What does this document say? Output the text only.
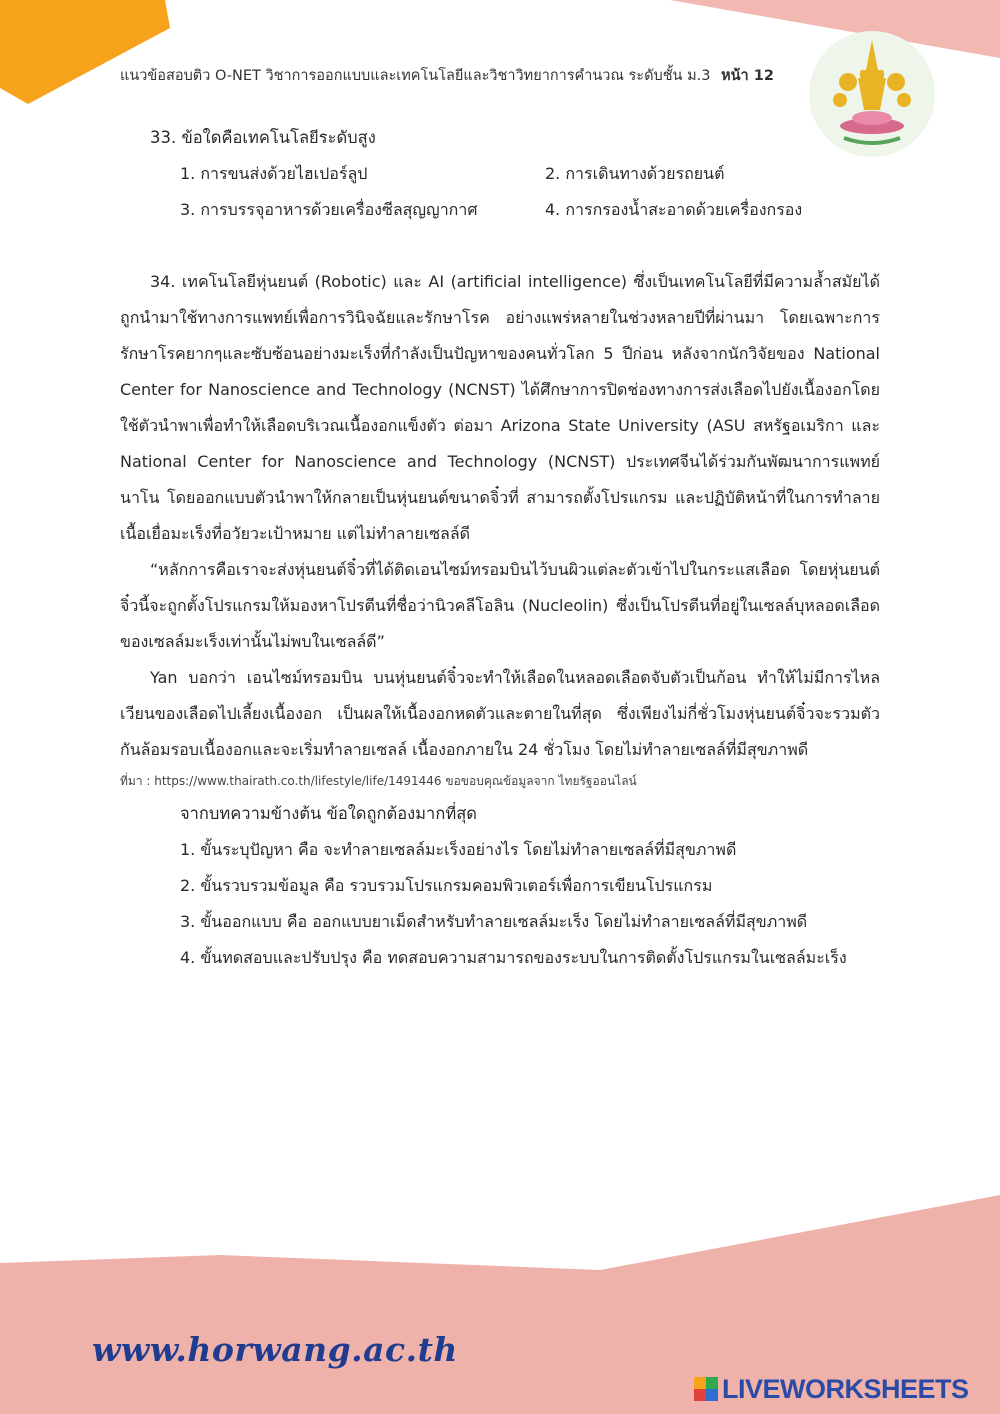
แนวข้อสอบติว O-NET วิชาการออกแบบและเทคโนโลยีและวิชาวิทยาการคำนวณ ระดับชั้น ม.3 หน้า 12

33. ข้อใดคือเทคโนโลยีระดับสูง

1. การขนส่งด้วยไฮเปอร์ลูป	2. การเดินทางด้วยรถยนต์
3. การบรรจุอาหารด้วยเครื่องซีลสุญญากาศ	4. การกรองน้ำสะอาดด้วยเครื่องกรอง

34. เทคโนโลยีหุ่นยนต์ (Robotic) และ AI (artificial intelligence) ซึ่งเป็นเทคโนโลยีที่มีความล้ำสมัยได้ถูกนำมาใช้ทางการแพทย์เพื่อการวินิจฉัยและรักษาโรค อย่างแพร่หลายในช่วงหลายปีที่ผ่านมา โดยเฉพาะการรักษาโรคยากๆและซับซ้อนอย่างมะเร็งที่กำลังเป็นปัญหาของคนทั่วโลก 5 ปีก่อน หลังจากนักวิจัยของ National Center for Nanoscience and Technology (NCNST) ได้ศึกษาการปิดช่องทางการส่งเลือดไปยังเนื้องอกโดยใช้ตัวนำพาเพื่อทำให้เลือดบริเวณเนื้องอกแข็งตัว ต่อมา Arizona State University (ASU สหรัฐอเมริกา และ National Center for Nanoscience and Technology (NCNST) ประเทศจีนได้ร่วมกันพัฒนาการแพทย์นาโน โดยออกแบบตัวนำพาให้กลายเป็นหุ่นยนต์ขนาดจิ๋วที่ สามารถตั้งโปรแกรม และปฏิบัติหน้าที่ในการทำลายเนื้อเยื่อมะเร็งที่อวัยวะเป้าหมาย แต่ไม่ทำลายเซลล์ดี

“หลักการคือเราจะส่งหุ่นยนต์จิ๋วที่ได้ติดเอนไซม์ทรอมบินไว้บนผิวแต่ละตัวเข้าไปในกระแสเลือด โดยหุ่นยนต์จิ๋วนี้จะถูกตั้งโปรแกรมให้มองหาโปรตีนที่ชื่อว่านิวคลีโอลิน (Nucleolin) ซึ่งเป็นโปรตีนที่อยู่ในเซลล์บุหลอดเลือดของเซลล์มะเร็งเท่านั้นไม่พบในเซลล์ดี”

Yan บอกว่า เอนไซม์ทรอมบิน บนหุ่นยนต์จิ๋วจะทำให้เลือดในหลอดเลือดจับตัวเป็นก้อน ทำให้ไม่มีการไหลเวียนของเลือดไปเลี้ยงเนื้องอก เป็นผลให้เนื้องอกหดตัวและตายในที่สุด ซึ่งเพียงไม่กี่ชั่วโมงหุ่นยนต์จิ๋วจะรวมตัวกันล้อมรอบเนื้องอกและจะเริ่มทำลายเซลล์ เนื้องอกภายใน 24 ชั่วโมง โดยไม่ทำลายเซลล์ที่มีสุขภาพดี

ที่มา : https://www.thairath.co.th/lifestyle/life/1491446 ขอขอบคุณข้อมูลจาก ไทยรัฐออนไลน์

จากบทความข้างต้น ข้อใดถูกต้องมากที่สุด

1. ขั้นระบุปัญหา คือ จะทำลายเซลล์มะเร็งอย่างไร โดยไม่ทำลายเซลล์ที่มีสุขภาพดี

2. ขั้นรวบรวมข้อมูล คือ รวบรวมโปรแกรมคอมพิวเตอร์เพื่อการเขียนโปรแกรม

3. ขั้นออกแบบ คือ ออกแบบยาเม็ดสำหรับทำลายเซลล์มะเร็ง โดยไม่ทำลายเซลล์ที่มีสุขภาพดี

4. ขั้นทดสอบและปรับปรุง คือ ทดสอบความสามารถของระบบในการติดตั้งโปรแกรมในเซลล์มะเร็ง

www.horwang.ac.th
LIVEWORKSHEETS
